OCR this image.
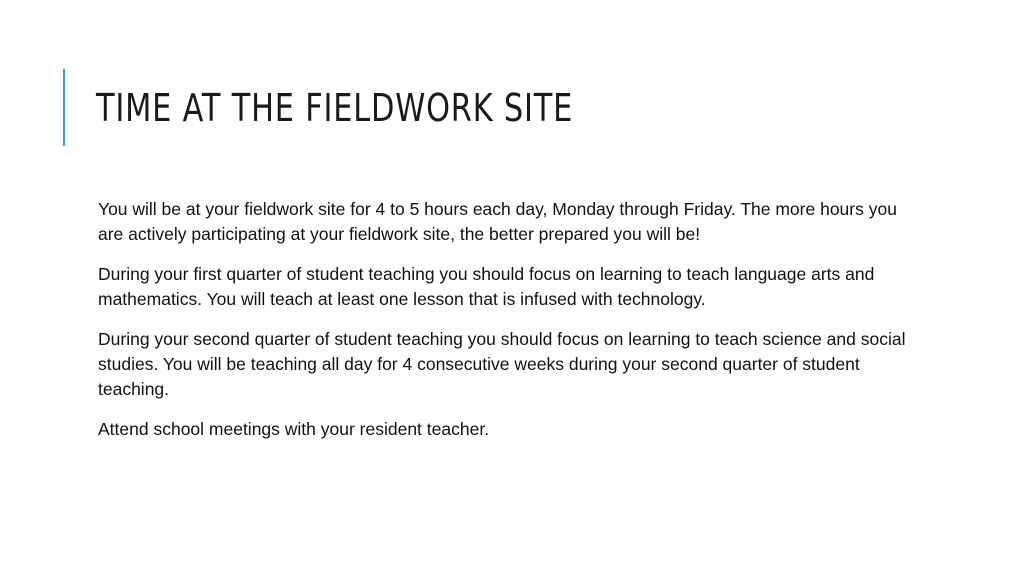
TIME AT THE FIELDWORK SITE

You will be at your fieldwork site for 4 to 5 hours each day, Monday through Friday. The more hours you are actively participating at your fieldwork site, the better prepared you will be!

During your first quarter of student teaching you should focus on learning to teach language arts and mathematics. You will teach at least one lesson that is infused with technology.

During your second quarter of student teaching you should focus on learning to teach science and social studies. You will be teaching all day for 4 consecutive weeks during your second quarter of student teaching.

Attend school meetings with your resident teacher.
